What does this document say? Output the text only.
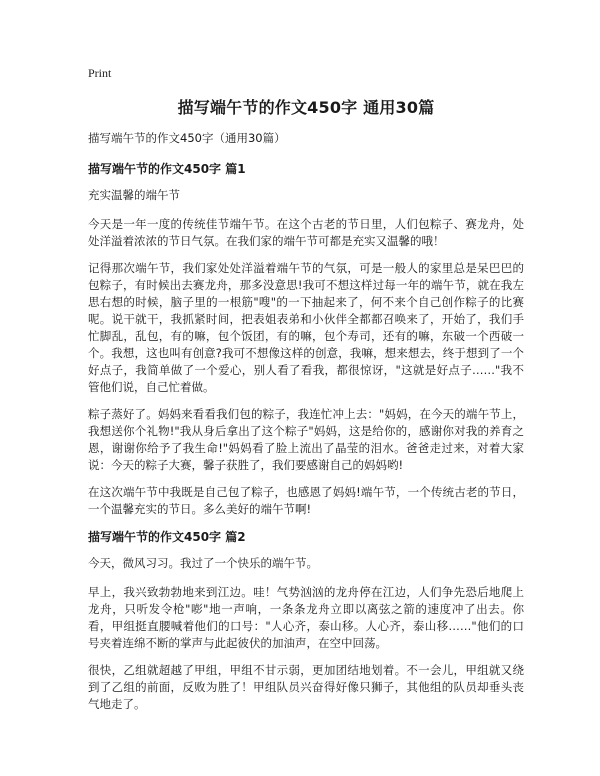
Print
描写端午节的作文450字 通用30篇

描写端午节的作文450字（通用30篇）

描写端午节的作文450字 篇1

充实温馨的端午节

今天是一年一度的传统佳节端午节。在这个古老的节日里，人们包粽子、赛龙舟，处处洋溢着浓浓的节日气氛。在我们家的端午节可都是充实又温馨的哦！

记得那次端午节，我们家处处洋溢着端午节的气氛，可是一般人的家里总是呆巴巴的包粽子，有时候出去赛龙舟，那多没意思!我可不想这样过每一年的端午节，就在我左思右想的时候，脑子里的一根筋"嗖"的一下抽起来了，何不来个自己创作粽子的比赛呢。说干就干，我抓紧时间，把表姐表弟和小伙伴全都都召唤来了，开始了，我们手忙脚乱，乱包，有的嘛，包个饭团，有的嘛，包个寿司，还有的嘛，东破一个西破一个。我想，这也叫有创意?我可不想像这样的创意，我嘛，想来想去，终于想到了一个好点子，我简单做了一个爱心，别人看了看我，都很惊讶，"这就是好点子……"我不管他们说，自己忙着做。

粽子蒸好了。妈妈来看看我们包的粽子，我连忙冲上去："妈妈，在今天的端午节上，我想送你个礼物!"我从身后拿出了这个粽子"妈妈，这是给你的，感谢你对我的养育之恩，谢谢你给予了我生命!"妈妈看了脸上流出了晶莹的泪水。爸爸走过来，对着大家说：今天的粽子大赛，馨子获胜了，我们要感谢自己的妈妈哟!

在这次端午节中我既是自己包了粽子，也感恩了妈妈!端午节，一个传统古老的节日，一个温馨充实的节日。多么美好的端午节啊!

描写端午节的作文450字 篇2

今天，微风习习。我过了一个快乐的端午节。

早上，我兴致勃勃地来到江边。哇！气势汹汹的龙舟停在江边，人们争先恐后地爬上龙舟，只听发令枪"嘭"地一声响，一条条龙舟立即以离弦之箭的速度冲了出去。你看，甲组挺直腰喊着他们的口号："人心齐，泰山移。人心齐，泰山移……"他们的口号夹着连绵不断的掌声与此起彼伏的加油声，在空中回荡。

很快，乙组就超越了甲组，甲组不甘示弱，更加团结地划着。不一会儿，甲组就又绕到了乙组的前面，反败为胜了！甲组队员兴奋得好像只狮子，其他组的队员却垂头丧气地走了。
